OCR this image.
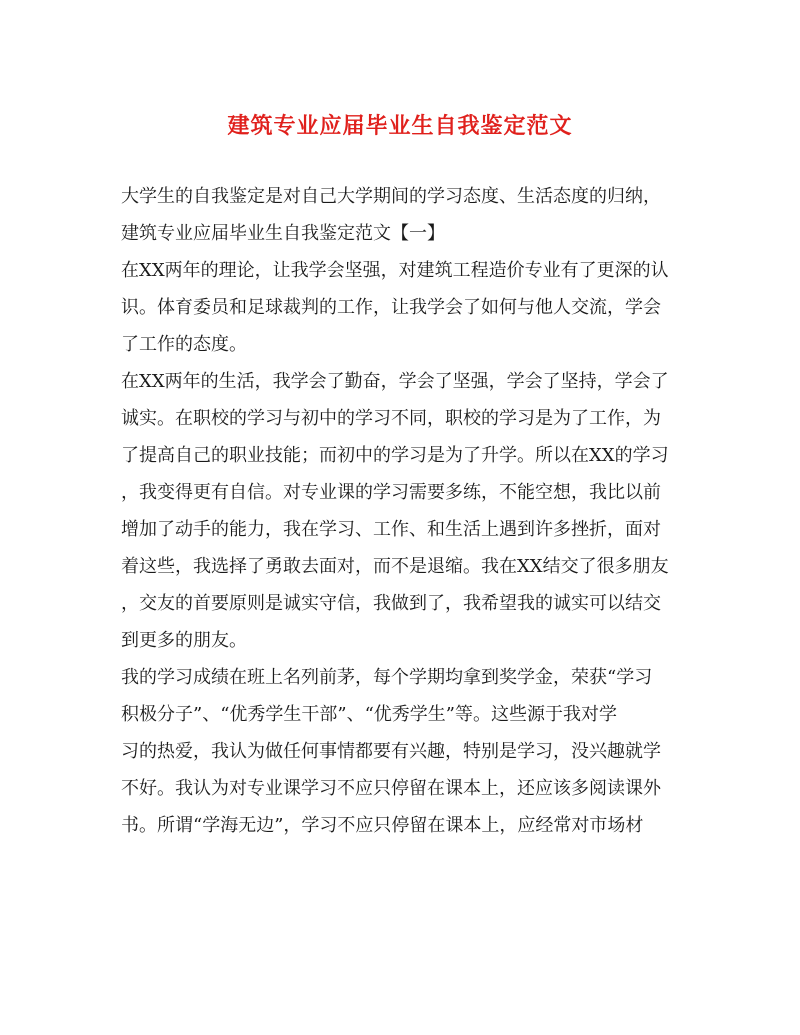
建筑专业应届毕业生自我鉴定范文
大学生的自我鉴定是对自己大学期间的学习态度、生活态度的归纳，
建筑专业应届毕业生自我鉴定范文【一】
在XX两年的理论，让我学会坚强，对建筑工程造价专业有了更深的认
识。体育委员和足球裁判的工作，让我学会了如何与他人交流，学会
了工作的态度。
在XX两年的生活，我学会了勤奋，学会了坚强，学会了坚持，学会了
诚实。在职校的学习与初中的学习不同，职校的学习是为了工作，为
了提高自己的职业技能；而初中的学习是为了升学。所以在XX的学习
，我变得更有自信。对专业课的学习需要多练，不能空想，我比以前
增加了动手的能力，我在学习、工作、和生活上遇到许多挫折，面对
着这些，我选择了勇敢去面对，而不是退缩。我在XX结交了很多朋友
，交友的首要原则是诚实守信，我做到了，我希望我的诚实可以结交
到更多的朋友。
我的学习成绩在班上名列前茅，每个学期均拿到奖学金，荣获“学习
积极分子”、“优秀学生干部”、“优秀学生”等。这些源于我对学
习的热爱，我认为做任何事情都要有兴趣，特别是学习，没兴趣就学
不好。我认为对专业课学习不应只停留在课本上，还应该多阅读课外
书。所谓“学海无边”，学习不应只停留在课本上，应经常对市场材
